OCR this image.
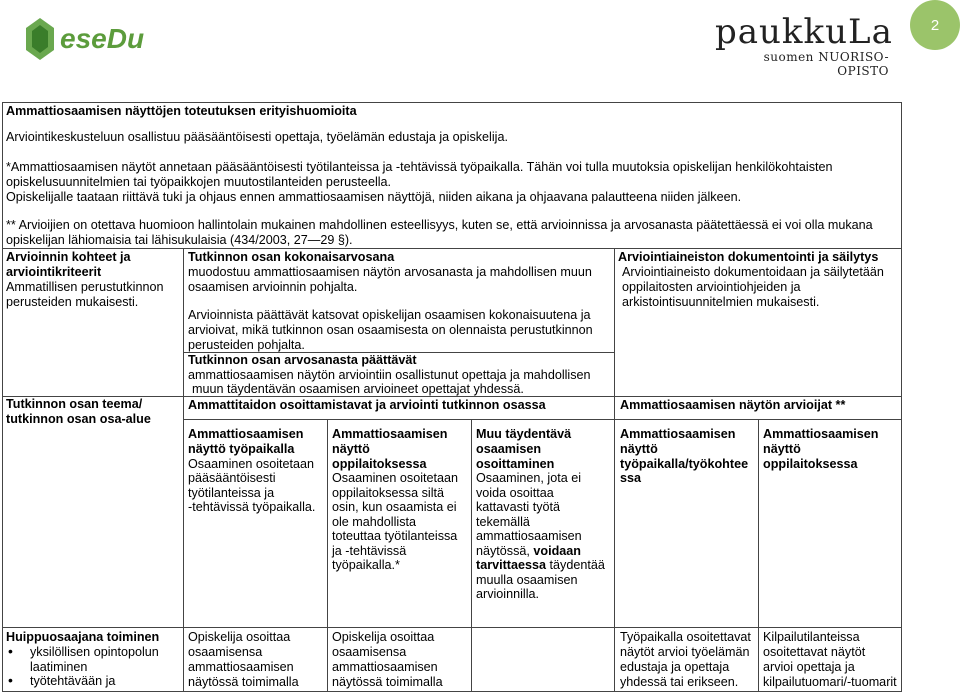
eseDu	paukkuLa
suomen NUORISO-OPISTO
2
Ammattiosaamisen näyttöjen toteutuksen erityishuomioita
Arviointikeskusteluun osallistuu pääsääntöisesti opettaja, työelämän edustaja ja opiskelija.
*Ammattiosaamisen näytöt annetaan pääsääntöisesti työtilanteissa ja -tehtävissä työpaikalla. Tähän voi tulla muutoksia opiskelijan henkilökohtaisten
opiskelusuunnitelmien tai työpaikkojen muutostilanteiden perusteella.
Opiskelijalle taataan riittävä tuki ja ohjaus ennen ammattiosaamisen näyttöjä, niiden aikana ja ohjaavana palautteena niiden jälkeen.
** Arvioijien on otettava huomioon hallintolain mukainen mahdollinen esteellisyys, kuten se, että arvioinnissa ja arvosanasta päätettäessä ei voi olla mukana
opiskelijan lähiomaisia tai lähisukulaisia (434/2003, 27—29 §).
Arvioinnin kohteet ja
arviointikriteerit
Ammatillisen perustutkinnon
perusteiden mukaisesti.
Tutkinnon osan kokonaisarvosana
muodostuu ammattiosaamisen näytön arvosanasta ja mahdollisen muun
osaamisen arvioinnin pohjalta.
Arvioinnista päättävät katsovat opiskelijan osaamisen kokonaisuutena ja
arvioivat, mikä tutkinnon osan osaamisesta on olennaista perustutkinnon
perusteiden pohjalta.
Tutkinnon osan arvosanasta päättävät
ammattiosaamisen näytön arviointiin osallistunut opettaja ja mahdollisen
muun täydentävän osaamisen arvioineet opettajat yhdessä.
Arviointiaineiston dokumentointi ja säilytys
Arviointiaineisto dokumentoidaan ja säilytetään
oppilaitosten arviointiohjeiden ja
arkistointisuunnitelmien mukaisesti.
Tutkinnon osan teema/
tutkinnon osan osa-alue
Ammattitaidon osoittamistavat ja arviointi tutkinnon osassa	Ammattiosaamisen näytön arvioijat **
Ammattiosaamisen
näyttö työpaikalla
Osaaminen osoitetaan
pääsääntöisesti
työtilanteissa ja
-tehtävissä työpaikalla.
Ammattiosaamisen
näyttö
oppilaitoksessa
Osaaminen osoitetaan
oppilaitoksessa siltä
osin, kun osaamista ei
ole mahdollista
toteuttaa työtilanteissa
ja -tehtävissä
työpaikalla.*
Muu täydentävä
osaamisen
osoittaminen
Osaaminen, jota ei
voida osoittaa
kattavasti työtä
tekemällä
ammattiosaamisen
näytössä, voidaan
tarvittaessa täydentää
muulla osaamisen
arvioinnilla.
Ammattiosaamisen
näyttö
työpaikalla/työkohtee
ssa
Ammattiosaamisen
näyttö
oppilaitoksessa
Huippuosaajana toiminen
• yksilöllisen opintopolun laatiminen
• työtehtävään ja
Opiskelija osoittaa
osaamisensa
ammattiosaamisen
näytössä toimimalla
Opiskelija osoittaa
osaamisensa
ammattiosaamisen
näytössä toimimalla
Työpaikalla osoitettavat
näytöt arvioi työelämän
edustaja ja opettaja
yhdessä tai erikseen.
Kilpailutilanteissa
osoitettavat näytöt
arvioi opettaja ja
kilpailutuomari/-tuomarit
